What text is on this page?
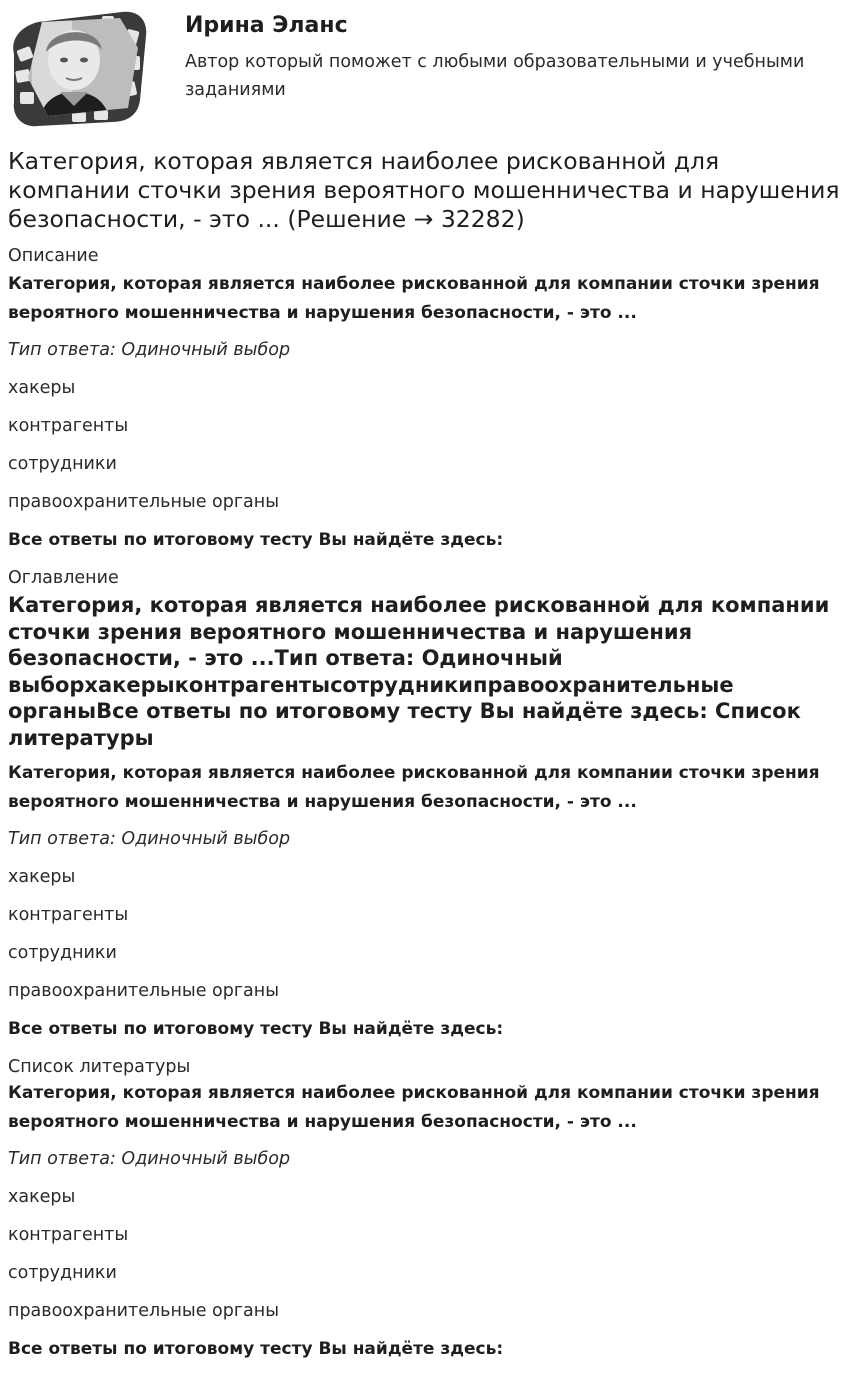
Ирина Эланс
Автор который поможет с любыми образовательными и учебными заданиями
Категория, которая является наиболее рискованной для компании сточки зрения вероятного мошенничества и нарушения безопасности, - это ... (Решение → 32282)
Описание
Категория, которая является наиболее рискованной для компании сточки зрения вероятного мошенничества и нарушения безопасности, - это ...
Тип ответа: Одиночный выбор
хакеры
контрагенты
сотрудники
правоохранительные органы
Все ответы по итоговому тесту Вы найдёте здесь:
Оглавление
Категория, которая является наиболее рискованной для компании сточки зрения вероятного мошенничества и нарушения безопасности, - это ...Тип ответа: Одиночный выборхакерыконтрагентысотрудникиправоохранительные органыВсе ответы по итоговому тесту Вы найдёте здесь: Список литературы
Категория, которая является наиболее рискованной для компании сточки зрения вероятного мошенничества и нарушения безопасности, - это ...
Тип ответа: Одиночный выбор
хакеры
контрагенты
сотрудники
правоохранительные органы
Все ответы по итоговому тесту Вы найдёте здесь:
Список литературы
Категория, которая является наиболее рискованной для компании сточки зрения вероятного мошенничества и нарушения безопасности, - это ...
Тип ответа: Одиночный выбор
хакеры
контрагенты
сотрудники
правоохранительные органы
Все ответы по итоговому тесту Вы найдёте здесь:
